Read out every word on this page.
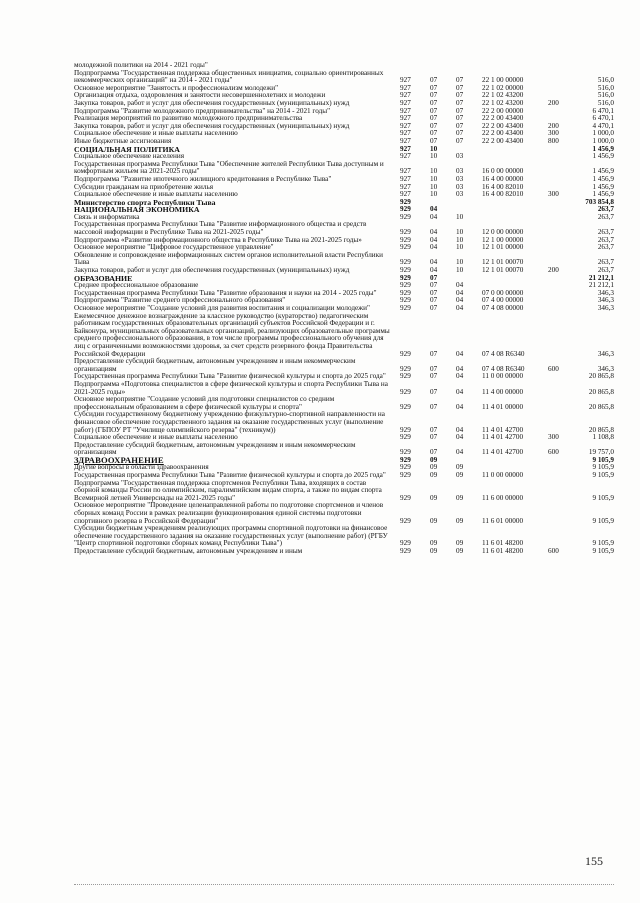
молодежной политики на 2014 - 2021 годы"
Подпрограмма "Государственная поддержка общественных инициатив, социально ориентированных некоммерческих организаций" на 2014 - 2021 годы"	927	07	07	22 1 00 00000	516,0
Основное мероприятие "Занятость и профессионализм молодежи"	927	07	07	22 1 02 00000	516,0
Организация отдыха, оздоровления и занятости несовершеннолетних и молодежи	927	07	07	22 1 02 43200	516,0
Закупка товаров, работ и услуг для обеспечения государственных (муниципальных) нужд	927	07	07	22 1 02 43200	200	516,0
Подпрограмма "Развитие молодежного предпринимательства" на 2014 - 2021 годы"	927	07	07	22 2 00 00000	6 470,1
Реализация мероприятий по развитию молодежного предпринимательства	927	07	07	22 2 00 43400	6 470,1
Закупка товаров, работ и услуг для обеспечения государственных (муниципальных) нужд	927	07	07	22 2 00 43400	200	4 470,1
Социальное обеспечение и иные выплаты населению	927	07	07	22 2 00 43400	300	1 000,0
Иные бюджетные ассигнования	927	07	07	22 2 00 43400	800	1 000,0
СОЦИАЛЬНАЯ ПОЛИТИКА	927	10	1 456,9
Социальное обеспечение населения	927	10	03	1 456,9
Государственная программа Республики Тыва "Обеспечение жителей Республики Тыва доступным и комфортным жильем на 2021-2025 годы"	927	10	03	16 0 00 00000	1 456,9
Подпрограмма "Развитие ипотечного жилищного кредитования в Республике Тыва"	927	10	03	16 4 00 00000	1 456,9
Субсидии гражданам на приобретение жилья	927	10	03	16 4 00 82010	1 456,9
Социальное обеспечение и иные выплаты населению	927	10	03	16 4 00 82010	300	1 456,9
Министерство спорта Республики Тыва	929	703 854,8
НАЦИОНАЛЬНАЯ ЭКОНОМИКА	929	04	263,7
Связь и информатика	929	04	10	263,7
Государственная программа Республики Тыва "Развитие информационного общества и средств массовой информации в Республике Тыва на 2021-2025 годы"	929	04	10	12 0 00 00000	263,7
Подпрограмма «Развитие информационного общества в Республике Тыва на 2021-2025 годы»	929	04	10	12 1 00 00000	263,7
Основное мероприятие "Цифровое государственное управление"	929	04	10	12 1 01 00000	263,7
Обновление и сопровождение информационных систем органов исполнительной власти Республики Тыва	929	04	10	12 1 01 00070	263,7
Закупка товаров, работ и услуг для обеспечения государственных (муниципальных) нужд	929	04	10	12 1 01 00070	200	263,7
ОБРАЗОВАНИЕ	929	07	21 212,1
Среднее профессиональное образование	929	07	04	21 212,1
Государственная программа Республики Тыва "Развитие образования и науки на 2014 - 2025 годы"	929	07	04	07 0 00 00000	346,3
Подпрограмма "Развитие среднего профессионального образования"	929	07	04	07 4 00 00000	346,3
Основное мероприятие "Создание условий для развития воспитания и социализации молодежи"	929	07	04	07 4 08 00000	346,3
Ежемесячное денежное вознаграждение за классное руководство (кураторство) педагогическим работникам государственных образовательных организаций субъектов Российской Федерации и г. Байконура, муниципальных образовательных организаций, реализующих образовательные программы среднего профессионального образования, в том числе программы профессионального обучения для лиц с ограниченными возможностями здоровья, за счет средств резервного фонда Правительства Российской Федерации	929	07	04	07 4 08 R6340	346,3
Предоставление субсидий бюджетным, автономным учреждениям и иным некоммерческим организациям	929	07	04	07 4 08 R6340	600	346,3
Государственная программа Республики Тыва "Развитие физической культуры и спорта до 2025 года"	929	07	04	11 0 00 00000	20 865,8
Подпрограмма «Подготовка специалистов в сфере физической культуры и спорта Республики Тыва на 2021-2025 годы»	929	07	04	11 4 00 00000	20 865,8
Основное мероприятие "Создание условий для подготовки специалистов со средним профессиональным образованием в сфере физической культуры и спорта"	929	07	04	11 4 01 00000	20 865,8
Субсидии государственному бюджетному учреждению физкультурно-спортивной направленности на финансовое обеспечение государственного задания на оказание государственных услуг (выполнение работ) (ГБПОУ РТ "Училище олимпийского резерва" (техникум))	929	07	04	11 4 01 42700	20 865,8
Социальное обеспечение и иные выплаты населению	929	07	04	11 4 01 42700	300	1 108,8
Предоставление субсидий бюджетным, автономным учреждениям и иным некоммерческим организациям	929	07	04	11 4 01 42700	600	19 757,0
ЗДРАВООХРАНЕНИЕ	929	09	9 105,9
Другие вопросы в области здравоохранения	929	09	09	9 105,9
Государственная программа Республики Тыва "Развитие физической культуры и спорта до 2025 года"	929	09	09	11 0 00 00000	9 105,9
Подпрограмма "Государственная поддержка спортсменов Республики Тыва, входящих в состав сборной команды России по олимпийским, паралимпийским видам спорта, а также по видам спорта Всемирной летней Универсиады на 2021-2025 годы"	929	09	09	11 6 00 00000	9 105,9
Основное мероприятие "Проведение целенаправленной работы по подготовке спортсменов и членов сборных команд России в рамках реализации функционирования единой системы подготовки спортивного резерва в Российской Федерации"	929	09	09	11 6 01 00000	9 105,9
Субсидии бюджетным учреждениям реализующих программы спортивной подготовки на финансовое обеспечение государственного задания на оказание государственных услуг (выполнение работ) (РГБУ "Центр спортивной подготовки сборных команд Республики Тыва")	929	09	09	11 6 01 48200	9 105,9
Предоставление субсидий бюджетным, автономным учреждениям и иным	929	09	09	11 6 01 48200	600	9 105,9
155
